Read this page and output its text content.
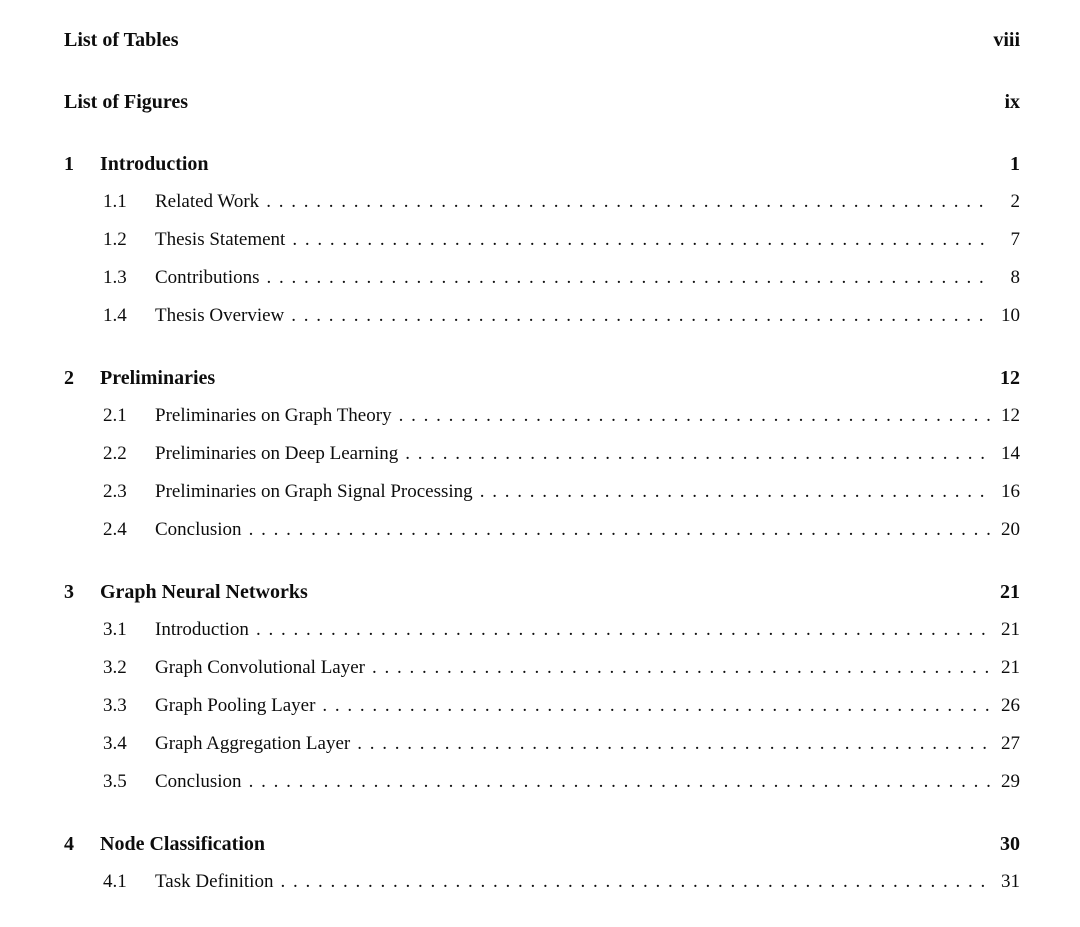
List of Tables	viii
List of Figures	ix
1	Introduction	1
1.1	Related Work . . .	2
1.2	Thesis Statement . . .	7
1.3	Contributions . . .	8
1.4	Thesis Overview . . .	10
2	Preliminaries	12
2.1	Preliminaries on Graph Theory . . .	12
2.2	Preliminaries on Deep Learning . . .	14
2.3	Preliminaries on Graph Signal Processing . . .	16
2.4	Conclusion . . .	20
3	Graph Neural Networks	21
3.1	Introduction . . .	21
3.2	Graph Convolutional Layer . . .	21
3.3	Graph Pooling Layer . . .	26
3.4	Graph Aggregation Layer . . .	27
3.5	Conclusion . . .	29
4	Node Classification	30
4.1	Task Definition . . .	31
